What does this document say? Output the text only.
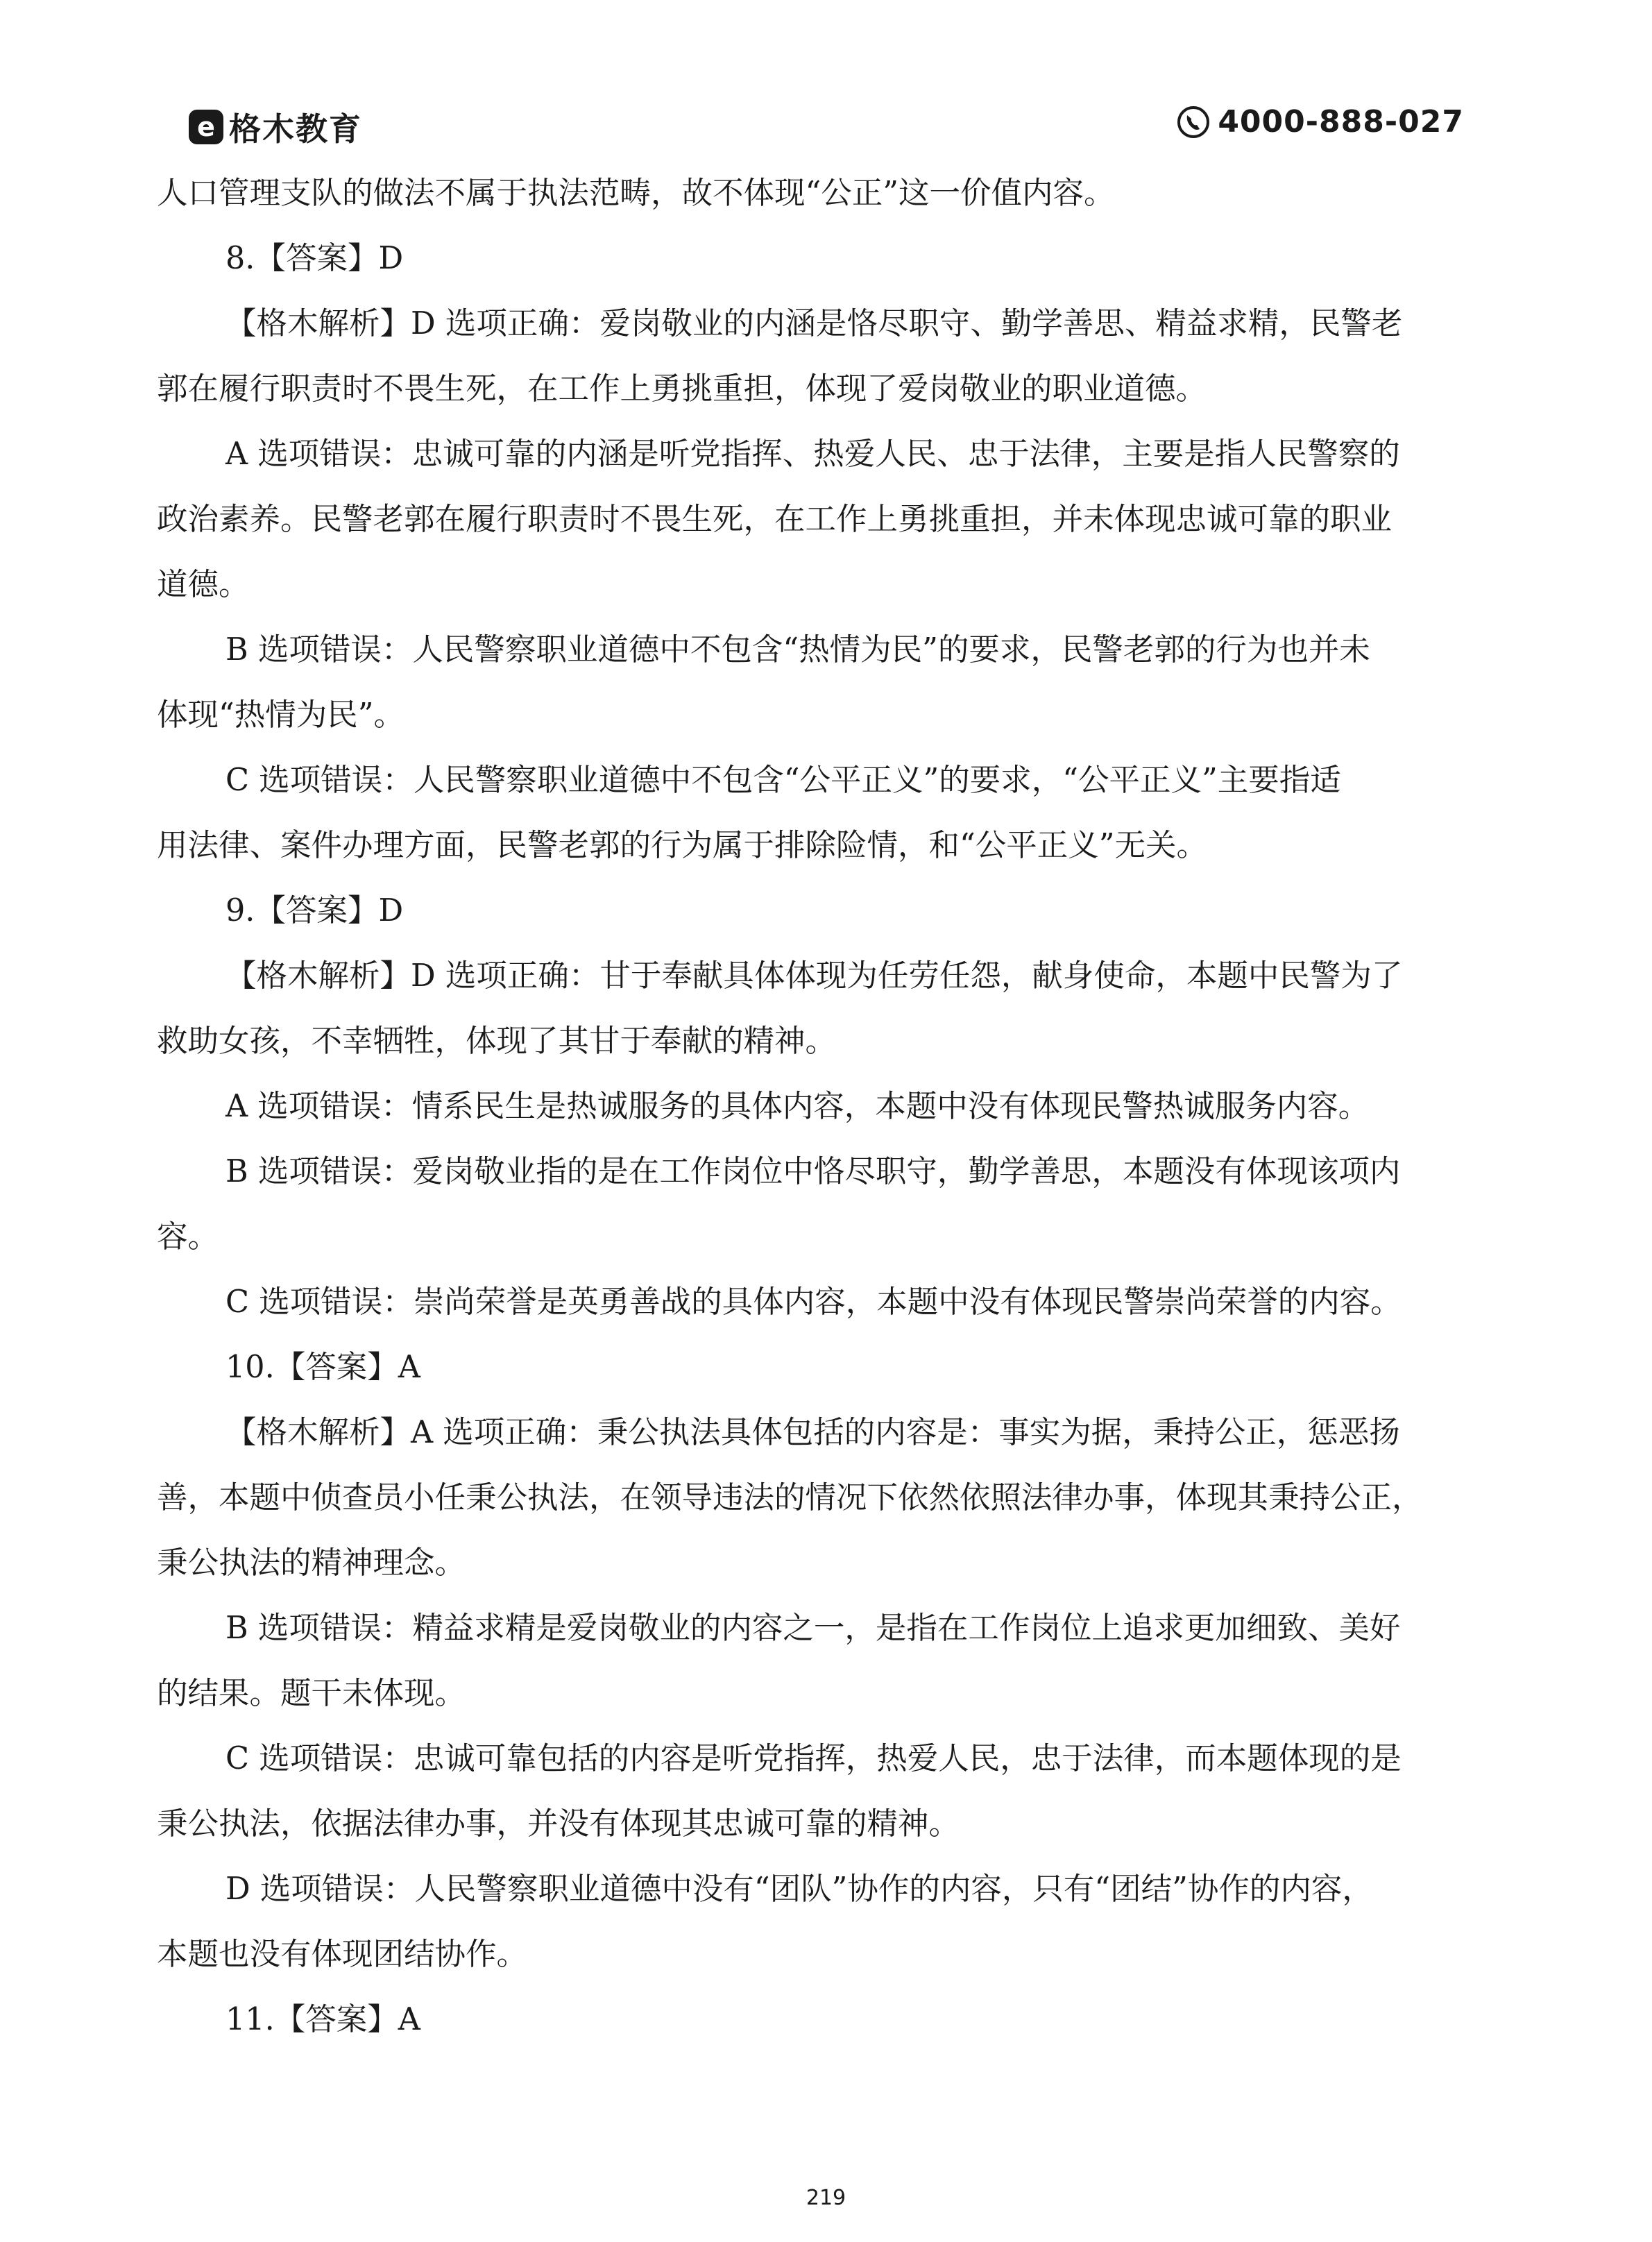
e 格木教育	4000-888-027
人口管理支队的做法不属于执法范畴，故不体现“公正”这一价值内容。
8.【答案】D
【格木解析】D 选项正确：爱岗敬业的内涵是恪尽职守、勤学善思、精益求精，民警老
郭在履行职责时不畏生死，在工作上勇挑重担，体现了爱岗敬业的职业道德。
A 选项错误：忠诚可靠的内涵是听党指挥、热爱人民、忠于法律，主要是指人民警察的
政治素养。民警老郭在履行职责时不畏生死，在工作上勇挑重担，并未体现忠诚可靠的职业
道德。
B 选项错误：人民警察职业道德中不包含“热情为民”的要求，民警老郭的行为也并未
体现“热情为民”。
C 选项错误：人民警察职业道德中不包含“公平正义”的要求，“公平正义”主要指适
用法律、案件办理方面，民警老郭的行为属于排除险情，和“公平正义”无关。
9.【答案】D
【格木解析】D 选项正确：甘于奉献具体体现为任劳任怨，献身使命，本题中民警为了
救助女孩，不幸牺牲，体现了其甘于奉献的精神。
A 选项错误：情系民生是热诚服务的具体内容，本题中没有体现民警热诚服务内容。
B 选项错误：爱岗敬业指的是在工作岗位中恪尽职守，勤学善思，本题没有体现该项内
容。
C 选项错误：崇尚荣誉是英勇善战的具体内容，本题中没有体现民警崇尚荣誉的内容。
10.【答案】A
【格木解析】A 选项正确：秉公执法具体包括的内容是：事实为据，秉持公正，惩恶扬
善，本题中侦查员小任秉公执法，在领导违法的情况下依然依照法律办事，体现其秉持公正，
秉公执法的精神理念。
B 选项错误：精益求精是爱岗敬业的内容之一，是指在工作岗位上追求更加细致、美好
的结果。题干未体现。
C 选项错误：忠诚可靠包括的内容是听党指挥，热爱人民，忠于法律，而本题体现的是
秉公执法，依据法律办事，并没有体现其忠诚可靠的精神。
D 选项错误：人民警察职业道德中没有“团队”协作的内容，只有“团结”协作的内容，
本题也没有体现团结协作。
11.【答案】A
219
